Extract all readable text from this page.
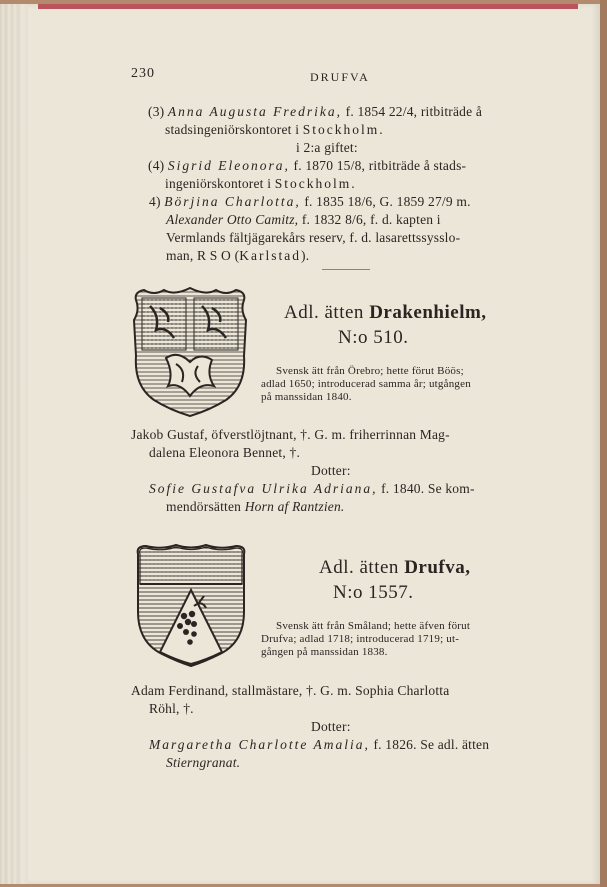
230	DRUFVA
(3) Anna Augusta Fredrika, f. 1854 22/4, ritbiträde å
stadsingeniörskontoret i Stockholm.
i 2:a giftet:
(4) Sigrid Eleonora, f. 1870 15/8, ritbiträde å stads-
ingeniörskontoret i Stockholm.
4) Börjina Charlotta, f. 1835 18/6, G. 1859 27/9 m.
Alexander Otto Camitz, f. 1832 8/6, f. d. kapten i
Vermlands fältjägarekårs reserv, f. d. lasarettssysslo-
man, R S O (Karlstad).
Adl. ätten Drakenhielm,
N:o 510.
Svensk ätt från Örebro; hette förut Böös;
adlad 1650; introducerad samma år; utgången
på manssidan 1840.
Jakob Gustaf, öfverstlöjtnant, †. G. m. friherrinnan Mag-
dalena Eleonora Bennet, †.
Dotter:
Sofie Gustafva Ulrika Adriana, f. 1840. Se kom-
mendörsätten Horn af Rantzien.
Adl. ätten Drufva,
N:o 1557.
Svensk ätt från Småland; hette äfven förut
Drufva; adlad 1718; introducerad 1719; ut-
gången på manssidan 1838.
Adam Ferdinand, stallmästare, †. G. m. Sophia Charlotta
Röhl, †.
Dotter:
Margaretha Charlotte Amalia, f. 1826. Se adl. ätten
Stierngranat.
